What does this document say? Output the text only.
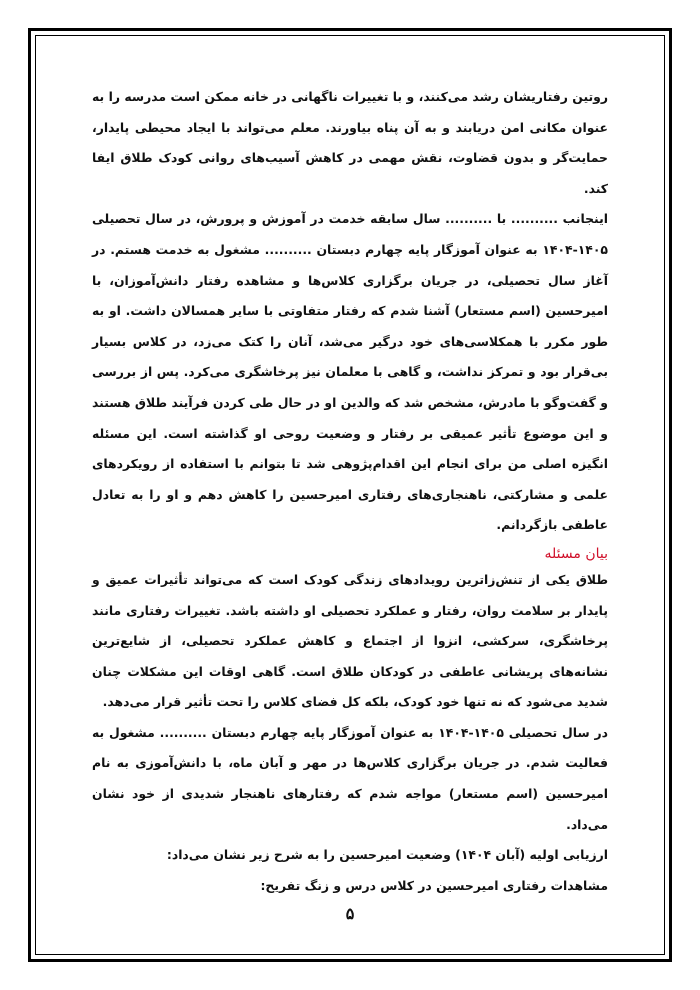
روتین رفتاریشان رشد می‌کنند، و با تغییرات ناگهانی در خانه ممکن است مدرسه را به عنوان مکانی امن دریابند و به آن پناه بیاورند. معلم می‌تواند با ایجاد محیطی پایدار، حمایت‌گر و بدون قضاوت، نقش مهمی در کاهش آسیب‌های روانی کودک طلاق ایفا کند.

اینجانب .......... با .......... سال سابقه خدمت در آموزش و پرورش، در سال تحصیلی ۱۴۰۵-۱۴۰۴ به عنوان آموزگار پایه چهارم دبستان .......... مشغول به خدمت هستم. در آغاز سال تحصیلی، در جریان برگزاری کلاس‌ها و مشاهده رفتار دانش‌آموزان، با امیرحسین (اسم مستعار) آشنا شدم که رفتار متفاوتی با سایر همسالان داشت. او به طور مکرر با همکلاسی‌های خود درگیر می‌شد، آنان را کتک می‌زد، در کلاس بسیار بی‌قرار بود و تمرکز نداشت، و گاهی با معلمان نیز پرخاشگری می‌کرد. پس از بررسی و گفت‌وگو با مادرش، مشخص شد که والدین او در حال طی کردن فرآیند طلاق هستند و این موضوع تأثیر عمیقی بر رفتار و وضعیت روحی او گذاشته است. این مسئله انگیزه اصلی من برای انجام این اقدام‌پژوهی شد تا بتوانم با استفاده از رویکردهای علمی و مشارکتی، ناهنجاری‌های رفتاری امیرحسین را کاهش دهم و او را به تعادل عاطفی بازگردانم.

بیان مسئله

طلاق یکی از تنش‌زاترین رویدادهای زندگی کودک است که می‌تواند تأثیرات عمیق و پایدار بر سلامت روان، رفتار و عملکرد تحصیلی او داشته باشد. تغییرات رفتاری مانند پرخاشگری، سرکشی، انزوا از اجتماع و کاهش عملکرد تحصیلی، از شایع‌ترین نشانه‌های پریشانی عاطفی در کودکان طلاق است. گاهی اوقات این مشکلات چنان شدید می‌شود که نه تنها خود کودک، بلکه کل فضای کلاس را تحت تأثیر قرار می‌دهد.

در سال تحصیلی ۱۴۰۵-۱۴۰۴ به عنوان آموزگار پایه چهارم دبستان .......... مشغول به فعالیت شدم. در جریان برگزاری کلاس‌ها در مهر و آبان ماه، با دانش‌آموزی به نام امیرحسین (اسم مستعار) مواجه شدم که رفتارهای ناهنجار شدیدی از خود نشان می‌داد.

ارزیابی اولیه (آبان ۱۴۰۴) وضعیت امیرحسین را به شرح زیر نشان می‌داد:

مشاهدات رفتاری امیرحسین در کلاس درس و زنگ تفریح:

۵
